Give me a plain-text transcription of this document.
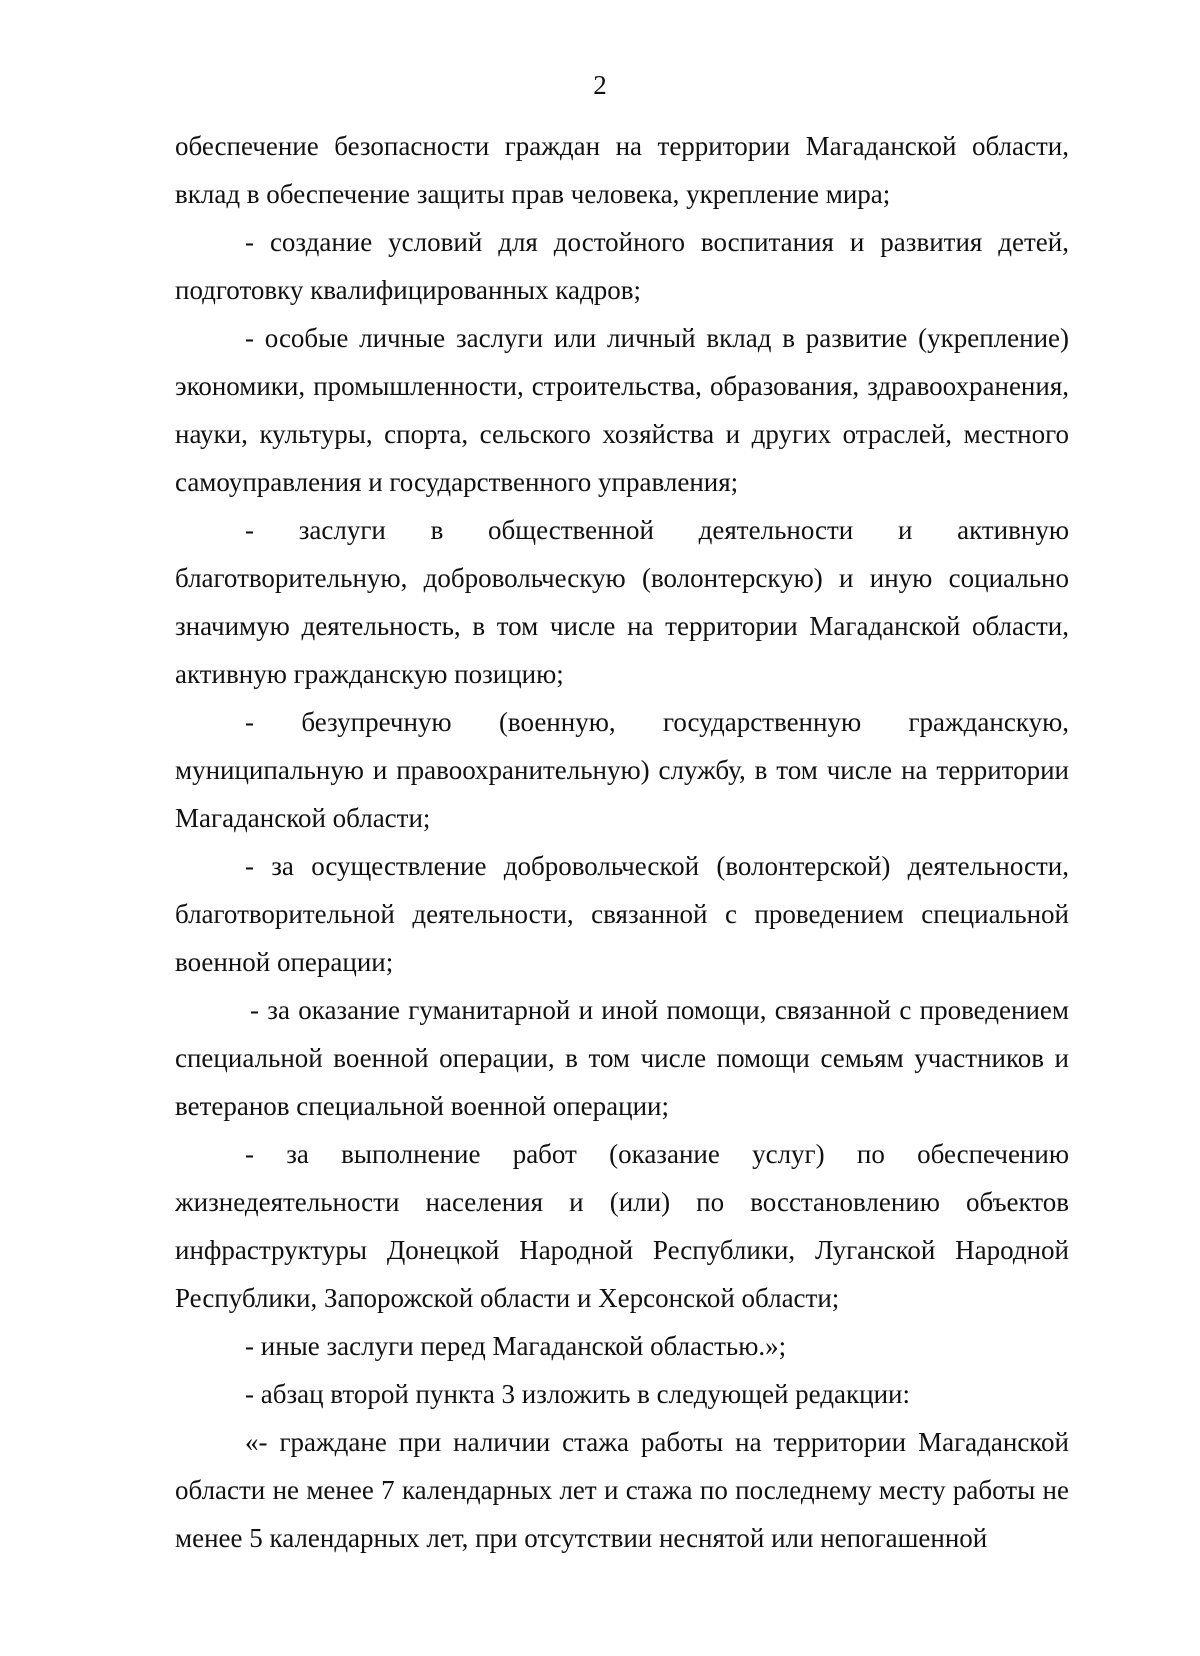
2

обеспечение безопасности граждан на территории Магаданской области, вклад в обеспечение защиты прав человека, укрепление мира;

- создание условий для достойного воспитания и развития детей, подготовку квалифицированных кадров;

- особые личные заслуги или личный вклад в развитие (укрепление) экономики, промышленности, строительства, образования, здравоохранения, науки, культуры, спорта, сельского хозяйства и других отраслей, местного самоуправления и государственного управления;

- заслуги в общественной деятельности и активную благотворительную, добровольческую (волонтерскую) и иную социально значимую деятельность, в том числе на территории Магаданской области, активную гражданскую позицию;

- безупречную (военную, государственную гражданскую, муниципальную и правоохранительную) службу, в том числе на территории Магаданской области;

- за осуществление добровольческой (волонтерской) деятельности, благотворительной деятельности, связанной с проведением специальной военной операции;

- за оказание гуманитарной и иной помощи, связанной с проведением специальной военной операции, в том числе помощи семьям участников и ветеранов специальной военной операции;

- за выполнение работ (оказание услуг) по обеспечению жизнедеятельности населения и (или) по восстановлению объектов инфраструктуры Донецкой Народной Республики, Луганской Народной Республики, Запорожской области и Херсонской области;

- иные заслуги перед Магаданской областью.»;

- абзац второй пункта 3 изложить в следующей редакции:

«- граждане при наличии стажа работы на территории Магаданской области не менее 7 календарных лет и стажа по последнему месту работы не менее 5 календарных лет, при отсутствии неснятой или непогашенной
